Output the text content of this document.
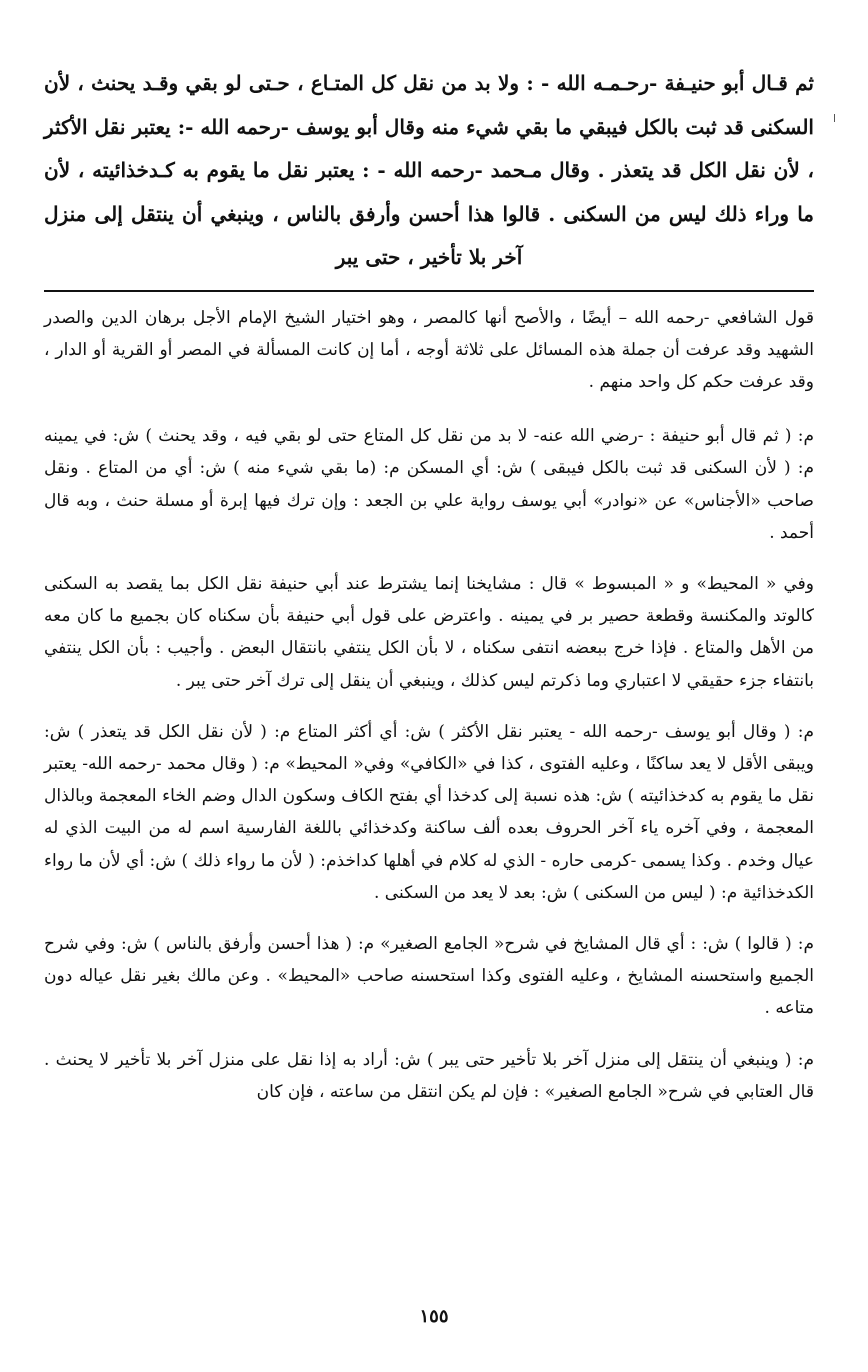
ثم قـال أبو حنيـفة -رحـمـه الله - : ولا بد من نقل كل المتـاع ، حـتى لو بقي وقـد يحنث ، لأن السكنى قد ثبت بالكل فيبقي ما بقي شيء منه وقال أبو يوسف -رحمه الله -: يعتبر نقل الأكثر ، لأن نقل الكل قد يتعذر . وقال مـحمد -رحمه الله - : يعتبر نقل ما يقوم به كـدخذائيته ، لأن ما وراء ذلك ليس من السكنى . قالوا هذا أحسن وأرفق بالناس ، وينبغي أن ينتقل إلى منزل آخر بلا تأخير ، حتى يبر

قول الشافعي -رحمه الله – أيضًا ، والأصح أنها كالمصر ، وهو اختيار الشيخ الإمام الأجل برهان الدين والصدر الشهيد وقد عرفت أن جملة هذه المسائل على ثلاثة أوجه ، أما إن كانت المسألة في المصر أو القرية أو الدار ، وقد عرفت حكم كل واحد منهم .

م: ( ثم قال أبو حنيفة : -رضي الله عنه- لا بد من نقل كل المتاع حتى لو بقي فيه ، وقد يحنث ) ش: في يمينه م: ( لأن السكنى قد ثبت بالكل فيبقى ) ش: أي المسكن م: (ما بقي شيء منه ) ش: أي من المتاع . ونقل صاحب «الأجناس» عن «نوادر» أبي يوسف رواية علي بن الجعد : وإن ترك فيها إبرة أو مسلة حنث ، وبه قال أحمد .

وفي « المحيط» و « المبسوط » قال : مشايخنا إنما يشترط عند أبي حنيفة نقل الكل بما يقصد به السكنى كالوتد والمكنسة وقطعة حصير بر في يمينه . واعترض على قول أبي حنيفة بأن سكناه كان بجميع ما كان معه من الأهل والمتاع . فإذا خرج ببعضه انتفى سكناه ، لا بأن الكل ينتفي بانتقال البعض . وأجيب : بأن الكل ينتفي بانتفاء جزء حقيقي لا اعتباري وما ذكرتم ليس كذلك ، وينبغي أن ينقل إلى ترك آخر حتى يبر .

م: ( وقال أبو يوسف -رحمه الله - يعتبر نقل الأكثر ) ش: أي أكثر المتاع م: ( لأن نقل الكل قد يتعذر ) ش: ويبقى الأقل لا يعد ساكنًا ، وعليه الفتوى ، كذا في «الكافي» وفي« المحيط» م: ( وقال محمد -رحمه الله- يعتبر نقل ما يقوم به كدخذائيته ) ش: هذه نسبة إلى كدخذا أي بفتح الكاف وسكون الدال وضم الخاء المعجمة وبالذال المعجمة ، وفي آخره ياء آخر الحروف بعده ألف ساكنة وكدخذائي باللغة الفارسية اسم له من البيت الذي له عيال وخدم . وكذا يسمى -كرمى حاره - الذي له كلام في أهلها كداخذم: ( لأن ما رواء ذلك ) ش: أي لأن ما رواء الكدخذائية م: ( ليس من السكنى ) ش: بعد لا يعد من السكنى .

م: ( قالوا ) ش: : أي قال المشايخ في شرح« الجامع الصغير» م: ( هذا أحسن وأرفق بالناس ) ش: وفي شرح الجميع واستحسنه المشايخ ، وعليه الفتوى وكذا استحسنه صاحب «المحيط» . وعن مالك بغير نقل عياله دون متاعه .

م: ( وينبغي أن ينتقل إلى منزل آخر بلا تأخير حتى يبر ) ش: أراد به إذا نقل على منزل آخر بلا تأخير لا يحنث . قال العتابي في شرح« الجامع الصغير» : فإن لم يكن انتقل من ساعته ، فإن كان

١٥٥
